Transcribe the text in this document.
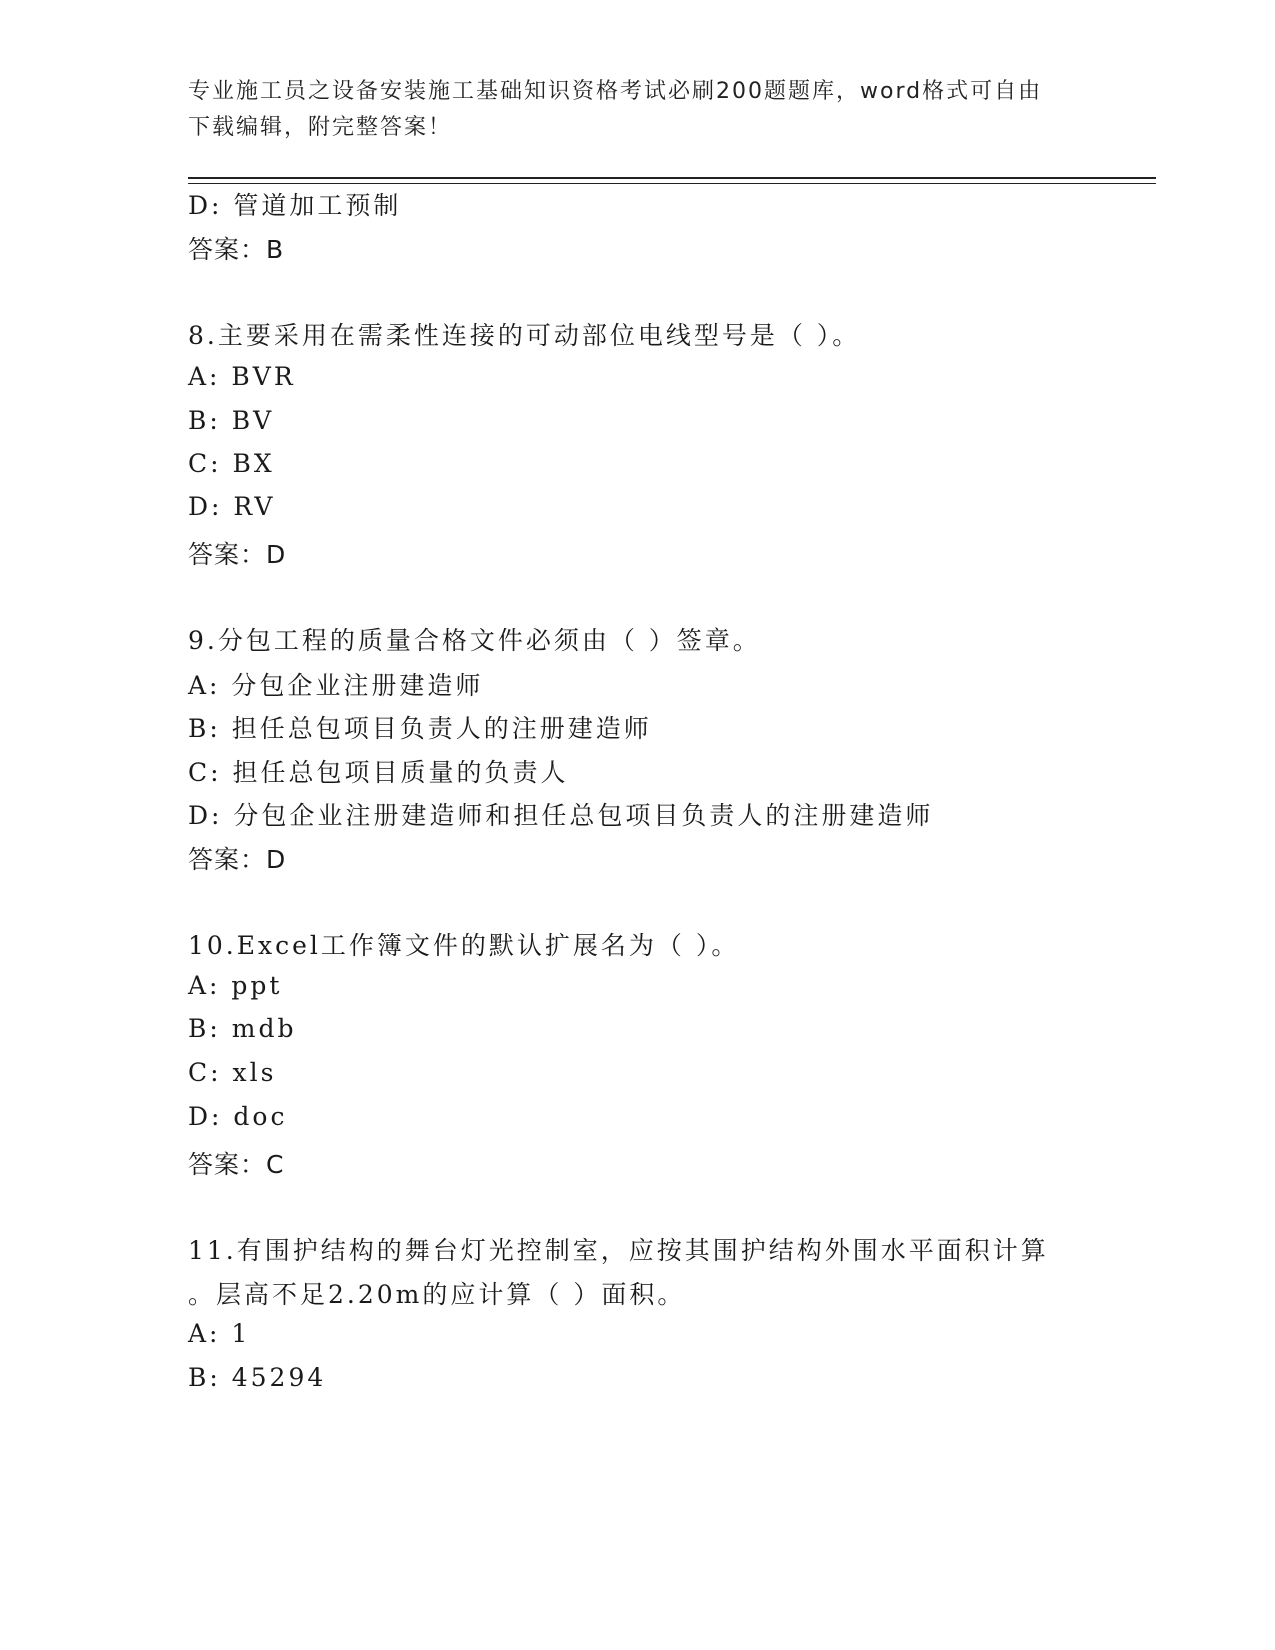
专业施工员之设备安装施工基础知识资格考试必刷200题题库，word格式可自由
下载编辑，附完整答案！
D: 管道加工预制
答案：B
8.主要采用在需柔性连接的可动部位电线型号是（ ）。
A: BVR
B: BV
C: BX
D: RV
答案：D
9.分包工程的质量合格文件必须由（ ）签章。
A: 分包企业注册建造师
B: 担任总包项目负责人的注册建造师
C: 担任总包项目质量的负责人
D: 分包企业注册建造师和担任总包项目负责人的注册建造师
答案：D
10.Excel工作簿文件的默认扩展名为（ ）。
A: ppt
B: mdb
C: xls
D: doc
答案：C
11.有围护结构的舞台灯光控制室，应按其围护结构外围水平面积计算
。层高不足2.20m的应计算（ ）面积。
A: 1
B: 45294
